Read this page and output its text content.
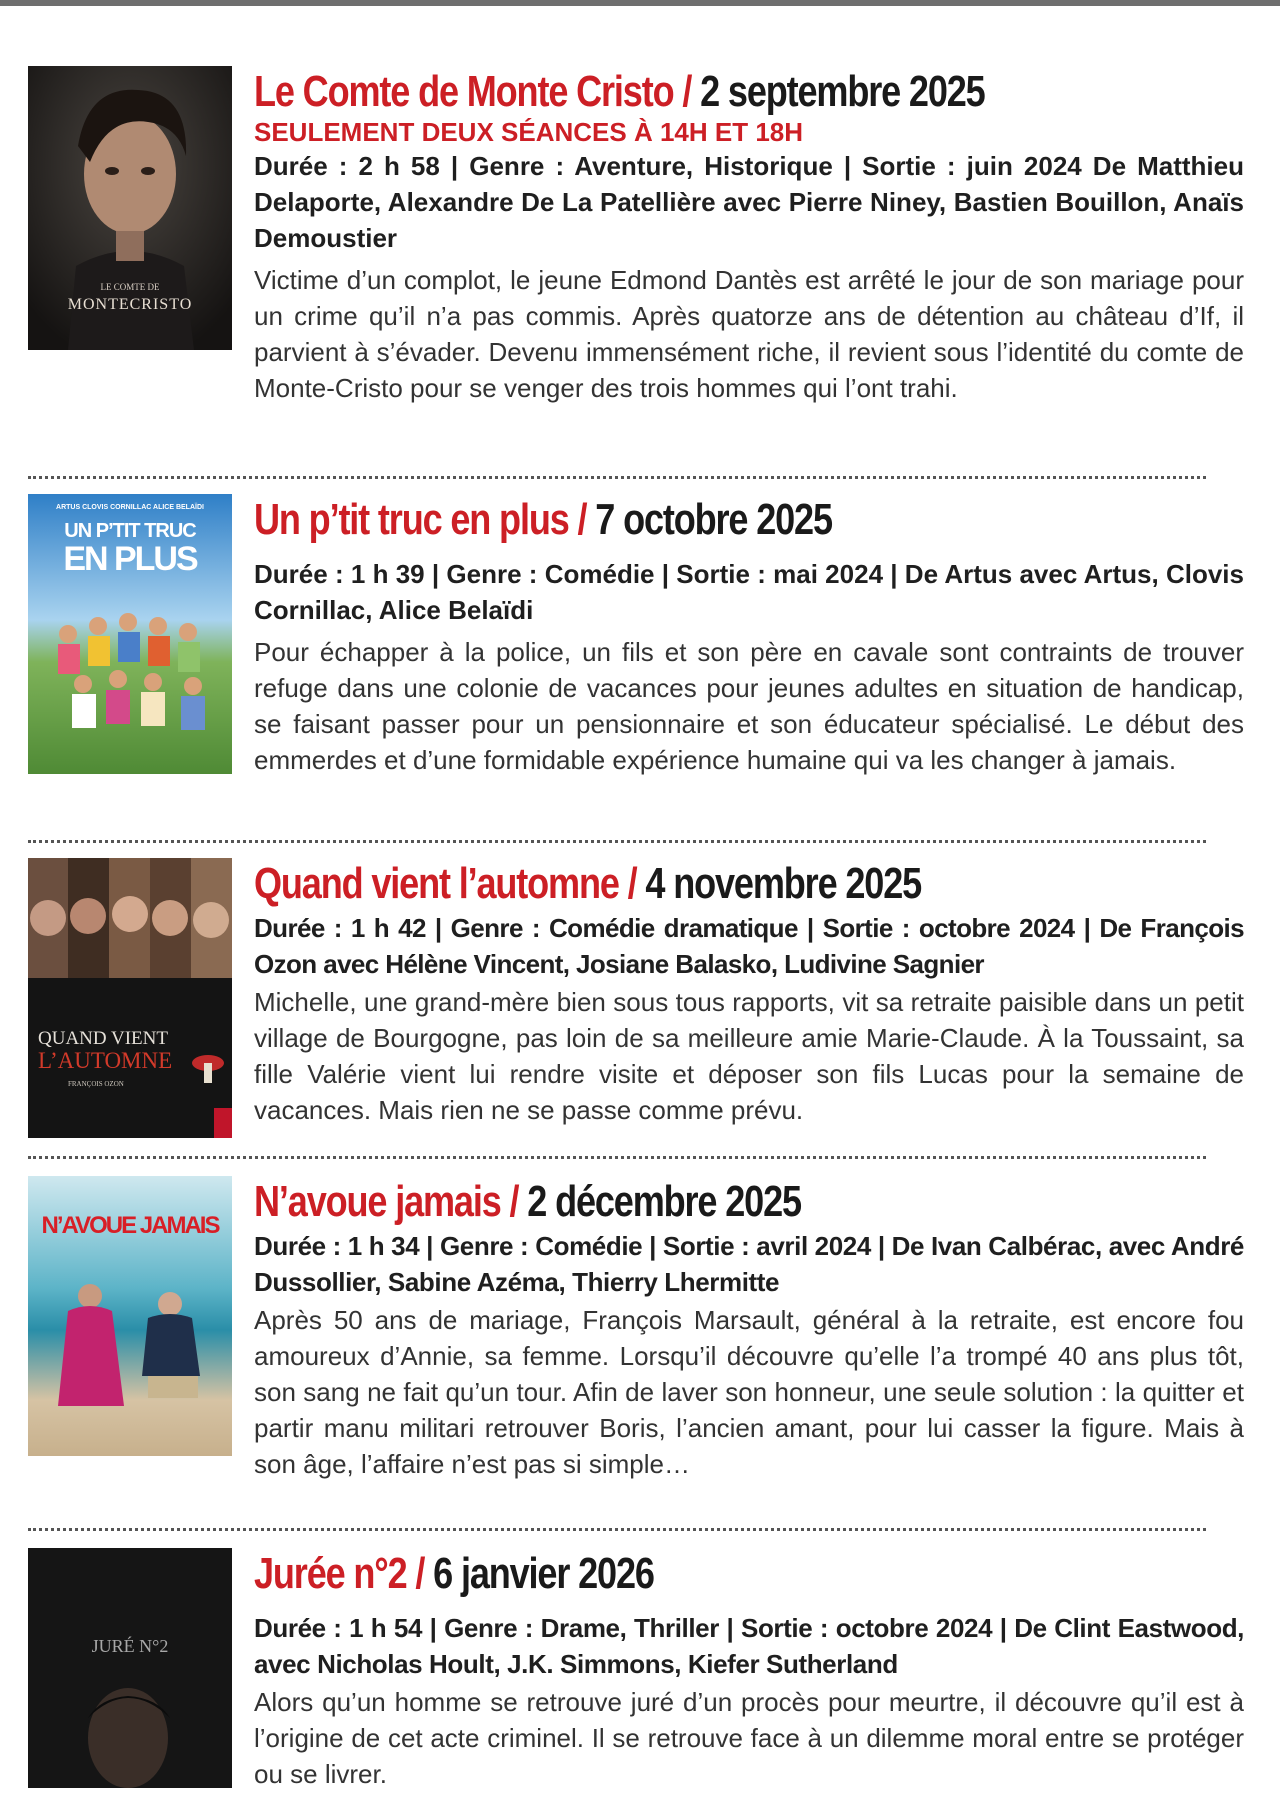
LE COMTE DE
MONTECRISTO
Le Comte de Monte Cristo / 2 septembre 2025
SEULEMENT DEUX SÉANCES À 14H ET 18H
Durée : 2 h 58 | Genre : Aventure, Historique | Sortie : juin 2024 De Matthieu Delaporte, Alexandre De La Patellière avec Pierre Niney, Bastien Bouillon, Anaïs Demoustier
Victime d’un complot, le jeune Edmond Dantès est arrêté le jour de son mariage pour un crime qu’il n’a pas commis. Après quatorze ans de détention au château d’If, il parvient à s’évader. Devenu immensément riche, il revient sous l’identité du comte de Monte-Cristo pour se venger des trois hommes qui l’ont trahi.
ARTUS CLOVIS CORNILLAC ALICE BELAÏDI
UN P’TIT TRUC
EN PLUS
Un p’tit truc en plus / 7 octobre 2025
Durée : 1 h 39 | Genre : Comédie | Sortie : mai 2024 | De Artus avec Artus, Clovis Cornillac, Alice Belaïdi
Pour échapper à la police, un fils et son père en cavale sont contraints de trouver refuge dans une colonie de vacances pour jeunes adultes en situation de handicap, se faisant passer pour un pensionnaire et son éducateur spécialisé. Le début des emmerdes et d’une formidable expérience humaine qui va les changer à jamais.
QUAND VIENT
L’AUTOMNE
FRANÇOIS OZON
Quand vient l’automne / 4 novembre 2025
Durée : 1 h 42 | Genre : Comédie dramatique | Sortie : octobre 2024 | De François Ozon avec Hélène Vincent, Josiane Balasko, Ludivine Sagnier
Michelle, une grand-mère bien sous tous rapports, vit sa retraite paisible dans un petit village de Bourgogne, pas loin de sa meilleure amie Marie-Claude. À la Toussaint, sa fille Valérie vient lui rendre visite et déposer son fils Lucas pour la semaine de vacances. Mais rien ne se passe comme prévu.
N’AVOUE JAMAIS N’avoue jamais / 2 décembre 2025
Durée : 1 h 34 | Genre : Comédie | Sortie : avril 2024 | De Ivan Calbérac, avec André Dussollier, Sabine Azéma, Thierry Lhermitte
Après 50 ans de mariage, François Marsault, général à la retraite, est encore fou amoureux d’Annie, sa femme. Lorsqu’il découvre qu’elle l’a trompé 40 ans plus tôt, son sang ne fait qu’un tour. Afin de laver son honneur, une seule solution : la quitter et partir manu militari retrouver Boris, l’ancien amant, pour lui casser la figure. Mais à son âge, l’affaire n’est pas si simple…
JURÉ N°2
Jurée n°2 / 6 janvier 2026
Durée : 1 h 54 | Genre : Drame, Thriller | Sortie : octobre 2024 | De Clint Eastwood, avec Nicholas Hoult, J.K. Simmons, Kiefer Sutherland
Alors qu’un homme se retrouve juré d’un procès pour meurtre, il découvre qu’il est à l’origine de cet acte criminel. Il se retrouve face à un dilemme moral entre se protéger ou se livrer.
